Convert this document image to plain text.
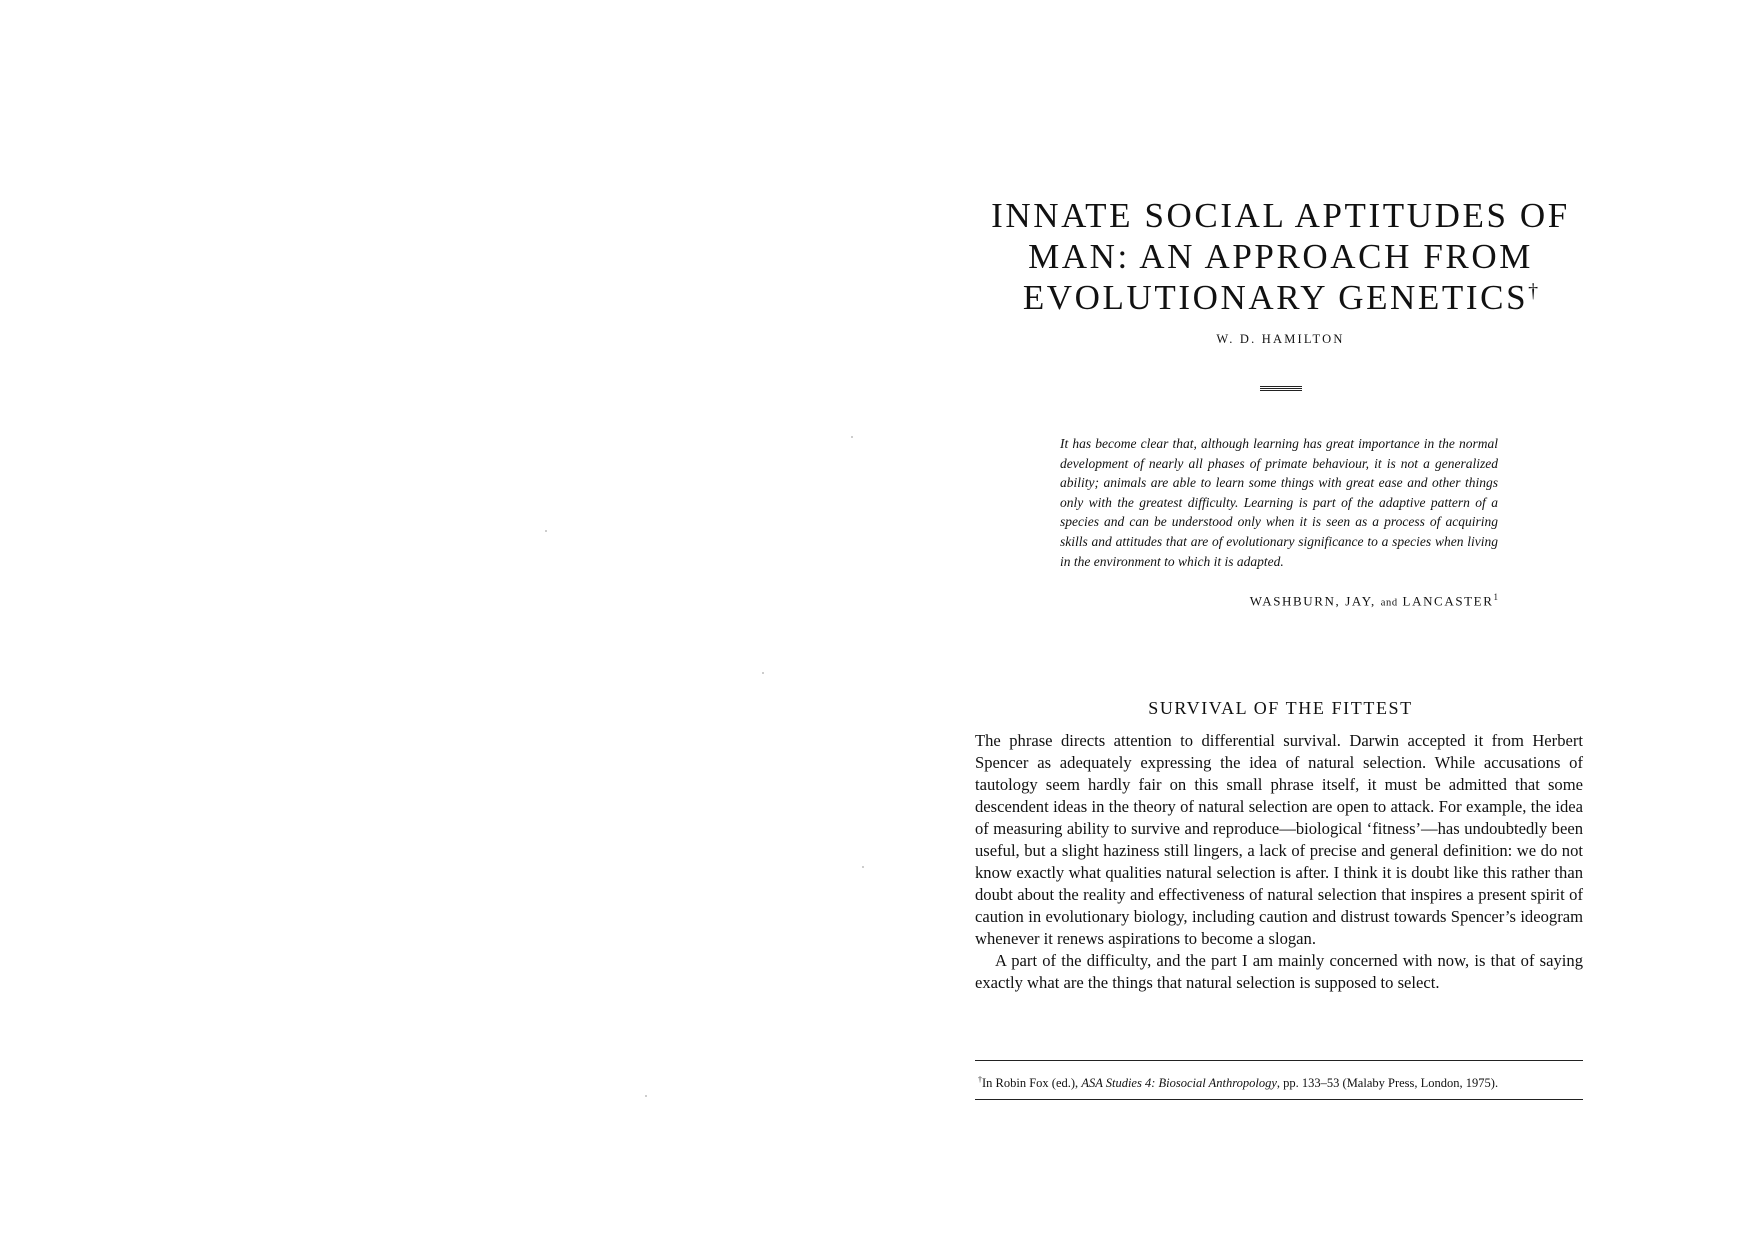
INNATE SOCIAL APTITUDES OF
MAN: AN APPROACH FROM
EVOLUTIONARY GENETICS†
W. D. HAMILTON

It has become clear that, although learning has great importance in the normal development of nearly all phases of primate behaviour, it is not a generalized ability; animals are able to learn some things with great ease and other things only with the greatest difficulty. Learning is part of the adaptive pattern of a species and can be understood only when it is seen as a process of acquiring skills and attitudes that are of evolutionary significance to a species when living in the environment to which it is adapted.

WASHBURN, JAY, and LANCASTER$^1$
SURVIVAL OF THE FITTEST

The phrase directs attention to differential survival. Darwin accepted it from Herbert Spencer as adequately expressing the idea of natural selection. While accusations of tautology seem hardly fair on this small phrase itself, it must be admitted that some descendent ideas in the theory of natural selection are open to attack. For example, the idea of measuring ability to survive and reproduce—biological ‘fitness’—has undoubtedly been useful, but a slight haziness still lingers, a lack of precise and general definition: we do not know exactly what qualities natural selection is after. I think it is doubt like this rather than doubt about the reality and effectiveness of natural selection that inspires a present spirit of caution in evolutionary biology, including caution and distrust towards Spencer’s ideogram whenever it renews aspirations to become a slogan.

A part of the difficulty, and the part I am mainly concerned with now, is that of saying exactly what are the things that natural selection is supposed to select.

†In Robin Fox (ed.), ASA Studies 4: Biosocial Anthropology, pp. 133–53 (Malaby Press, London, 1975).
